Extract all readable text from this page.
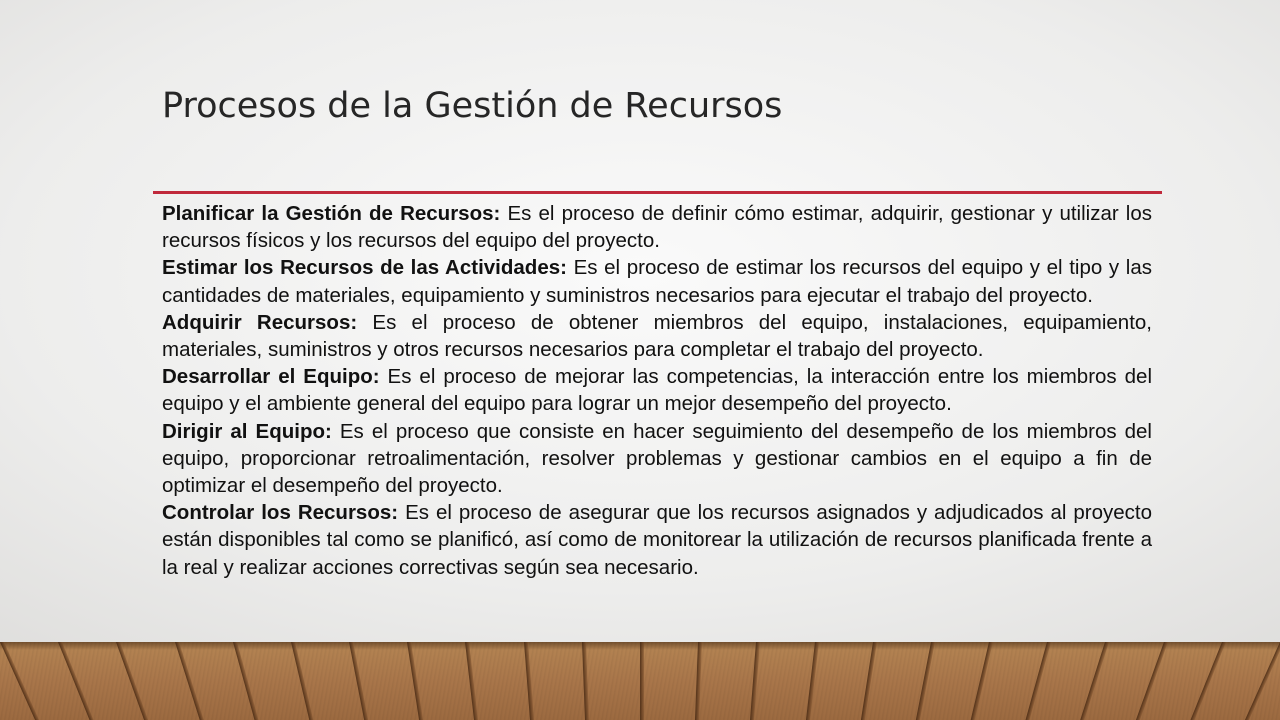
Procesos de la Gestión de Recursos

Planificar la Gestión de Recursos: Es el proceso de definir cómo estimar, adquirir, gestionar y utilizar los recursos físicos y los recursos del equipo del proyecto.

Estimar los Recursos de las Actividades: Es el proceso de estimar los recursos del equipo y el tipo y las cantidades de materiales, equipamiento y suministros necesarios para ejecutar el trabajo del proyecto.

Adquirir Recursos: Es el proceso de obtener miembros del equipo, instalaciones, equipamiento, materiales, suministros y otros recursos necesarios para completar el trabajo del proyecto.

Desarrollar el Equipo: Es el proceso de mejorar las competencias, la interacción entre los miembros del equipo y el ambiente general del equipo para lograr un mejor desempeño del proyecto.

Dirigir al Equipo: Es el proceso que consiste en hacer seguimiento del desempeño de los miembros del equipo, proporcionar retroalimentación, resolver problemas y gestionar cambios en el equipo a fin de optimizar el desempeño del proyecto.

Controlar los Recursos: Es el proceso de asegurar que los recursos asignados y adjudicados al proyecto están disponibles tal como se planificó, así como de monitorear la utilización de recursos planificada frente a la real y realizar acciones correctivas según sea necesario.
